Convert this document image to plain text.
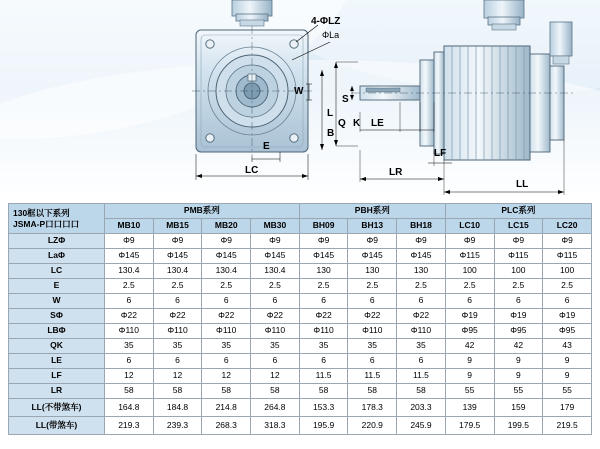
4-ΦLZ
ΦLa
W
E
LC
S
L
B
Q K LE
LF
LR
LL
130框以下系列
JSMA-P口口口口	PMB系列				PBH系列			PLC系列		
	MB10	MB15	MB20	MB30	BH09	BH13	BH18	LC10	LC15	LC20
LZΦ	Φ9	Φ9	Φ9	Φ9	Φ9	Φ9	Φ9	Φ9	Φ9	Φ9
LaΦ	Φ145	Φ145	Φ145	Φ145	Φ145	Φ145	Φ145	Φ115	Φ115	Φ115
LC	130.4	130.4	130.4	130.4	130	130	130	100	100	100
E	2.5	2.5	2.5	2.5	2.5	2.5	2.5	2.5	2.5	2.5
W	6	6	6	6	6	6	6	6	6	6
SΦ	Φ22	Φ22	Φ22	Φ22	Φ22	Φ22	Φ22	Φ19	Φ19	Φ19
LBΦ	Φ110	Φ110	Φ110	Φ110	Φ110	Φ110	Φ110	Φ95	Φ95	Φ95
QK	35	35	35	35	35	35	35	42	42	43
LE	6	6	6	6	6	6	6	9	9	9
LF	12	12	12	12	11.5	11.5	11.5	9	9	9
LR	58	58	58	58	58	58	58	55	55	55
LL(不带煞车)	164.8	184.8	214.8	264.8	153.3	178.3	203.3	139	159	179
LL(带煞车)	219.3	239.3	268.3	318.3	195.9	220.9	245.9	179.5	199.5	219.5
